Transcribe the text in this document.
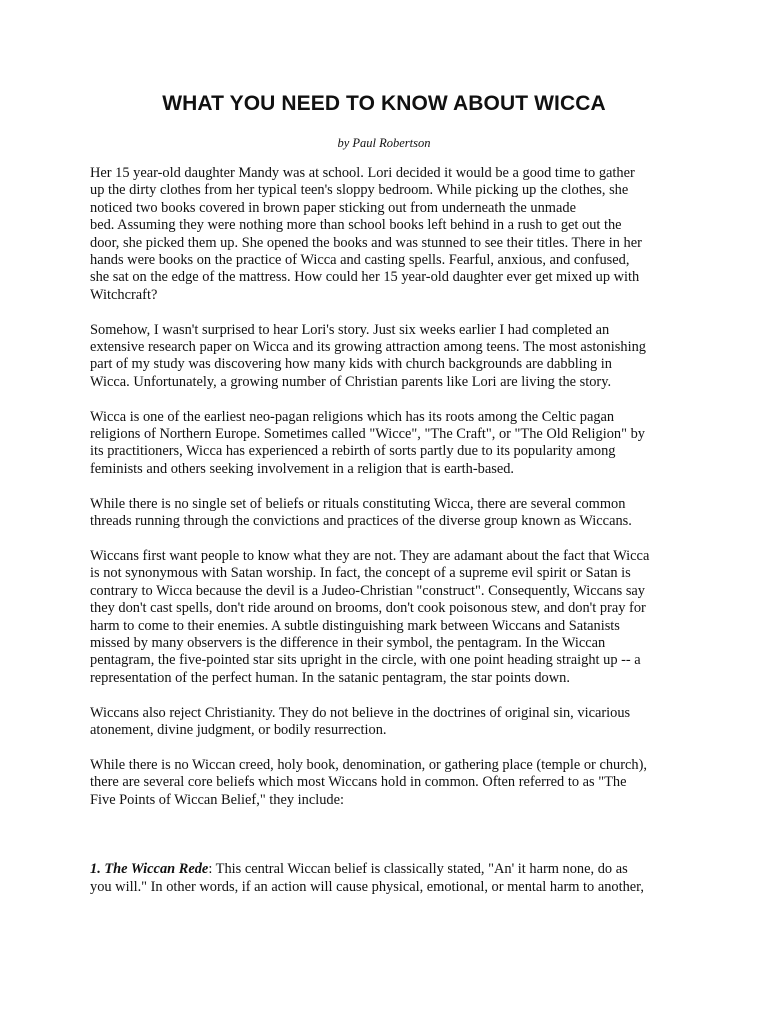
WHAT YOU NEED TO KNOW ABOUT WICCA
by Paul Robertson

Her 15 year-old daughter Mandy was at school. Lori decided it would be a good time to gather
up the dirty clothes from her typical teen's sloppy bedroom. While picking up the clothes, she
noticed two books covered in brown paper sticking out from underneath the unmade
bed. Assuming they were nothing more than school books left behind in a rush to get out the
door, she picked them up. She opened the books and was stunned to see their titles. There in her
hands were books on the practice of Wicca and casting spells. Fearful, anxious, and confused,
she sat on the edge of the mattress. How could her 15 year-old daughter ever get mixed up with
Witchcraft?

Somehow, I wasn't surprised to hear Lori's story. Just six weeks earlier I had completed an
extensive research paper on Wicca and its growing attraction among teens. The most astonishing
part of my study was discovering how many kids with church backgrounds are dabbling in
Wicca. Unfortunately, a growing number of Christian parents like Lori are living the story.

Wicca is one of the earliest neo-pagan religions which has its roots among the Celtic pagan
religions of Northern Europe. Sometimes called "Wicce", "The Craft", or "The Old Religion" by
its practitioners, Wicca has experienced a rebirth of sorts partly due to its popularity among
feminists and others seeking involvement in a religion that is earth-based.

While there is no single set of beliefs or rituals constituting Wicca, there are several common
threads running through the convictions and practices of the diverse group known as Wiccans.

Wiccans first want people to know what they are not. They are adamant about the fact that Wicca
is not synonymous with Satan worship. In fact, the concept of a supreme evil spirit or Satan is
contrary to Wicca because the devil is a Judeo-Christian "construct". Consequently, Wiccans say
they don't cast spells, don't ride around on brooms, don't cook poisonous stew, and don't pray for
harm to come to their enemies. A subtle distinguishing mark between Wiccans and Satanists
missed by many observers is the difference in their symbol, the pentagram. In the Wiccan
pentagram, the five-pointed star sits upright in the circle, with one point heading straight up -- a
representation of the perfect human. In the satanic pentagram, the star points down.

Wiccans also reject Christianity. They do not believe in the doctrines of original sin, vicarious
atonement, divine judgment, or bodily resurrection.

While there is no Wiccan creed, holy book, denomination, or gathering place (temple or church),
there are several core beliefs which most Wiccans hold in common. Often referred to as "The
Five Points of Wiccan Belief," they include:

1. The Wiccan Rede: This central Wiccan belief is classically stated, "An' it harm none, do as
you will." In other words, if an action will cause physical, emotional, or mental harm to another,
